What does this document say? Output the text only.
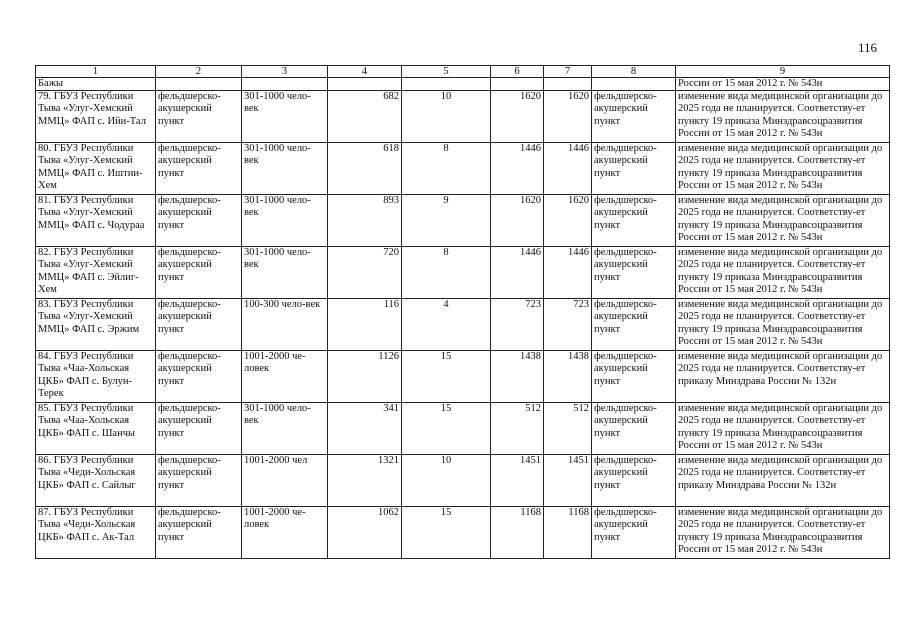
116
1	2	3	4	5	6	7	8	9
Бажы								России от 15 мая 2012 г. № 543н
79. ГБУЗ Республики Тыва «Улуг-Хемский ММЦ» ФАП с. Ийи-Тал	фельдшерско-акушерский пункт	301-1000 чело-век	682	10	1620	1620	фельдшерско-акушерский пункт	изменение вида медицинской организации до 2025 года не планируется. Соответству-ет пункту 19 приказа Минздравсоцразвития России от 15 мая 2012 г. № 543н
80. ГБУЗ Республики Тыва «Улуг-Хемский ММЦ» ФАП с. Иштии-Хем	фельдшерско-акушерский пункт	301-1000 чело-век	618	8	1446	1446	фельдшерско-акушерский пункт	изменение вида медицинской организации до 2025 года не планируется. Соответству-ет пункту 19 приказа Минздравсоцразвития России от 15 мая 2012 г. № 543н
81. ГБУЗ Республики Тыва «Улуг-Хемский ММЦ» ФАП с. Чодураа	фельдшерско-акушерский пункт	301-1000 чело-век	893	9	1620	1620	фельдшерско-акушерский пункт	изменение вида медицинской организации до 2025 года не планируется. Соответству-ет пункту 19 приказа Минздравсоцразвития России от 15 мая 2012 г. № 543н
82. ГБУЗ Республики Тыва «Улуг-Хемский ММЦ» ФАП с. Эйлиг-Хем	фельдшерско-акушерский пункт	301-1000 чело-век	720	8	1446	1446	фельдшерско-акушерский пункт	изменение вида медицинской организации до 2025 года не планируется. Соответству-ет пункту 19 приказа Минздравсоцразвития России от 15 мая 2012 г. № 543н
83. ГБУЗ Республики Тыва «Улуг-Хемский ММЦ» ФАП с. Эржим	фельдшерско-акушерский пункт	100-300 чело-век	116	4	723	723	фельдшерско-акушерский пункт	изменение вида медицинской организации до 2025 года не планируется. Соответству-ет пункту 19 приказа Минздравсоцразвития России от 15 мая 2012 г. № 543н
84. ГБУЗ Республики Тыва «Чаа-Хольская ЦКБ» ФАП с. Булун-Терек	фельдшерско-акушерский пункт	1001-2000 че-ловек	1126	15	1438	1438	фельдшерско-акушерский пункт	изменение вида медицинской организации до 2025 года не планируется. Соответству-ет приказу Минздрава России № 132н
85. ГБУЗ Республики Тыва «Чаа-Хольская ЦКБ» ФАП с. Шанчы	фельдшерско-акушерский пункт	301-1000 чело-век	341	15	512	512	фельдшерско-акушерский пункт	изменение вида медицинской организации до 2025 года не планируется. Соответству-ет пункту 19 приказа Минздравсоцразвития России от 15 мая 2012 г. № 543н
86. ГБУЗ Республики Тыва «Чеди-Хольская ЦКБ» ФАП с. Сайлыг	фельдшерско-акушерский пункт	1001-2000 чел	1321	10	1451	1451	фельдшерско-акушерский пункт	изменение вида медицинской организации до 2025 года не планируется. Соответству-ет приказу Минздрава России № 132н
87. ГБУЗ Республики Тыва «Чеди-Хольская ЦКБ» ФАП с. Ак-Тал	фельдшерско-акушерский пункт	1001-2000 че-ловек	1062	15	1168	1168	фельдшерско-акушерский пункт	изменение вида медицинской организации до 2025 года не планируется. Соответству-ет пункту 19 приказа Минздравсоцразвития России от 15 мая 2012 г. № 543н
